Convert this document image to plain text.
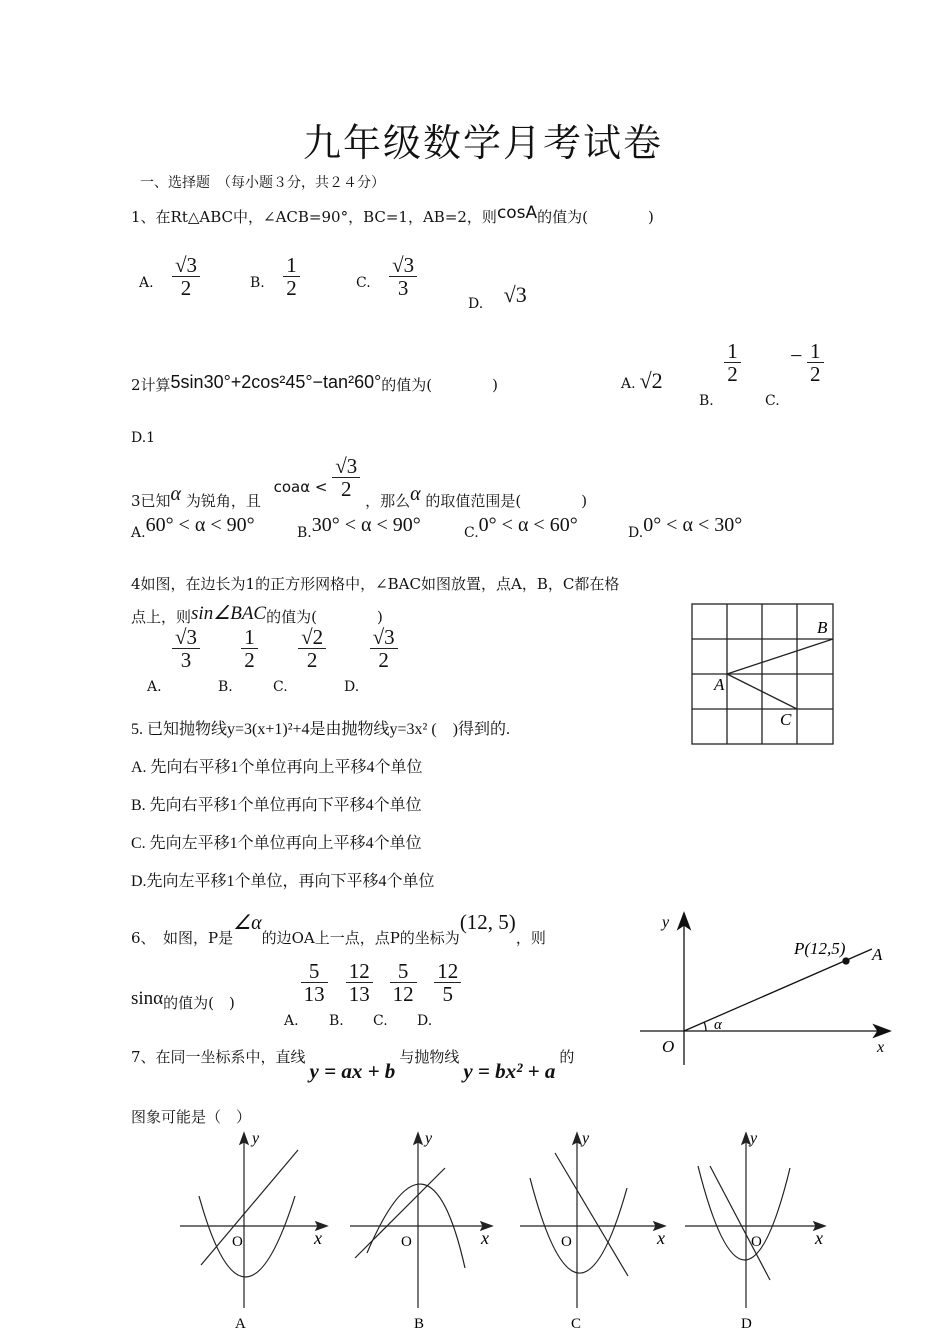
九年级数学月考试卷
一、选择题　（每小题３分，共２４分）
1、在Rt△ABC中，∠ACB=90°，BC=1，AB=2，则cosA的值为(　　　　)
A. $\frac{√3}{2}$	B. $\frac{1}{2}$	C. $\frac{√3}{3}$
D. √3
2计算5sin30°+2cos²45°−tan²60°的值为(　　　　)	A. √2
B.
$\frac{1}{2}$
C. − $\frac{1}{2}$
D.1
3已知α 为锐角，且 $coa\alpha < \frac{√3}{2}$
，那么α 的取值范围是(　　　　)
A.60° < α < 90°	B.30° < α < 90°	C.0° < α < 60°	D.0° < α < 30°
4如图，在边长为1的正方形网格中，∠BAC如图放置，点A，B，C都在格
点上，则sin∠BAC的值为(　　　　)
A.
$\frac{√3}{3}$
B.
$\frac{1}{2}$
C.
$\frac{√2}{2}$
D.
$\frac{√3}{2}$
A
B
C
5. 已知抛物线y=3(x+1)²+4是由抛物线y=3x² (　)得到的.
A. 先向右平移1个单位再向上平移4个单位
B. 先向右平移1个单位再向下平移4个单位
C. 先向左平移1个单位再向上平移4个单位
D.先向左平移1个单位，再向下平移4个单位
6、　如图，P是∠α的边OA上一点，点P的坐标为(12, 5)，则
sinα的值为(　)
A.
$\frac{5}{13}$
B.
$\frac{12}{13}$
C.
$\frac{5}{12}$
D.
$\frac{12}{5}$
y
x
O
P(12,5) A
α
7、在同一坐标系中，直线y = ax + b与抛物线y = bx² + a的
图象可能是（　）
y
x
O
A
y
x
O
B
y
x
O
C
y
x
O
D
